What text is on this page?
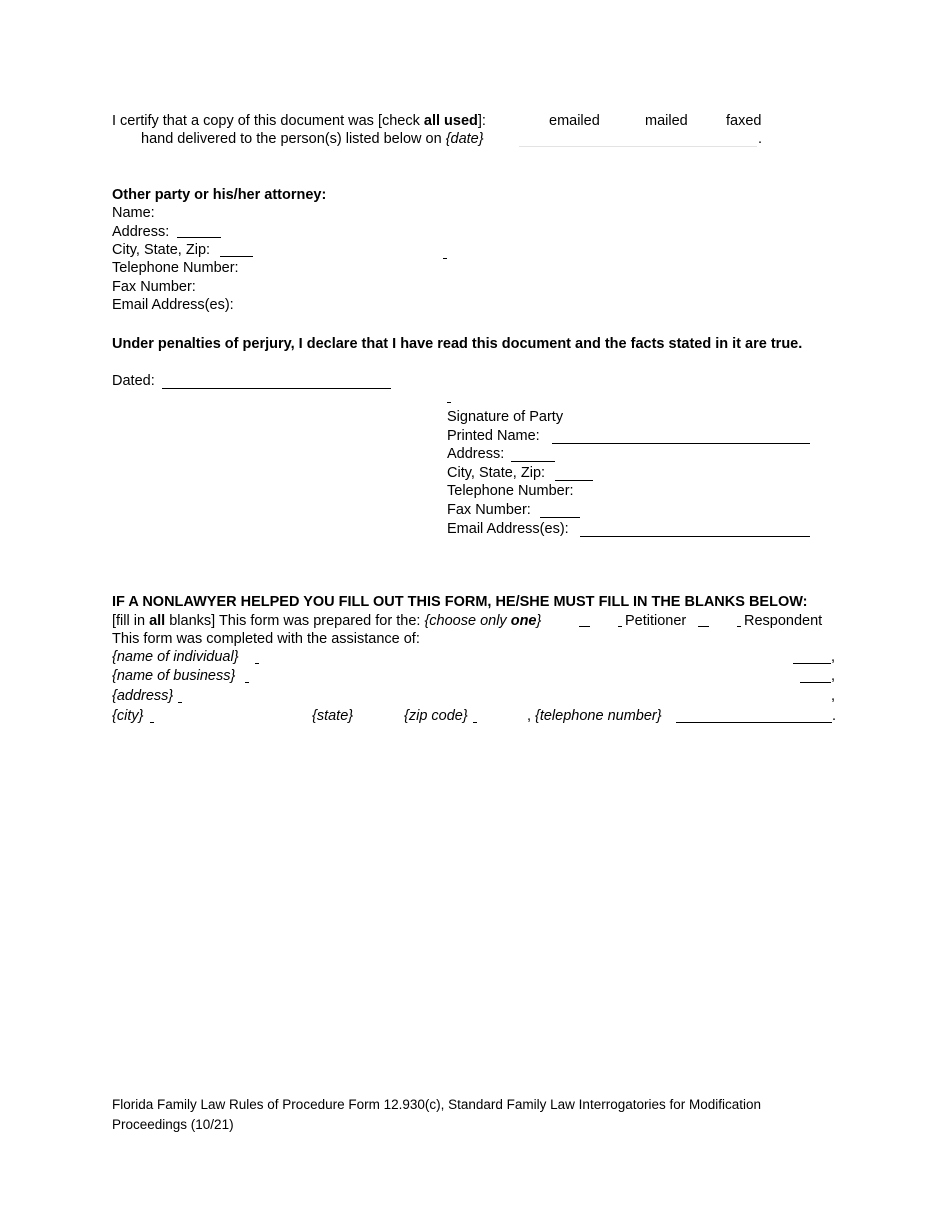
I certify that a copy of this document was [check all used]:	emailed	mailed	faxed
hand delivered to the person(s) listed below on {date}	.
Other party or his/her attorney:
Name:
Address:
City, State, Zip:
Telephone Number:
Fax Number:
Email Address(es):
Under penalties of perjury, I declare that I have read this document and the facts stated in it are true.
Dated:
Signature of Party
Printed Name:
Address:
City, State, Zip:
Telephone Number:
Fax Number:
Email Address(es):
IF A NONLAWYER HELPED YOU FILL OUT THIS FORM, HE/SHE MUST FILL IN THE BLANKS BELOW:
[fill in all blanks] This form was prepared for the: {choose only one}	Petitioner	Respondent
This form was completed with the assistance of:
{name of individual}	,
{name of business}	,
{address}	,
{city}	{state}	{zip code}	, {telephone number}	.
Florida Family Law Rules of Procedure Form 12.930(c), Standard Family Law Interrogatories for Modification
Proceedings (10/21)
